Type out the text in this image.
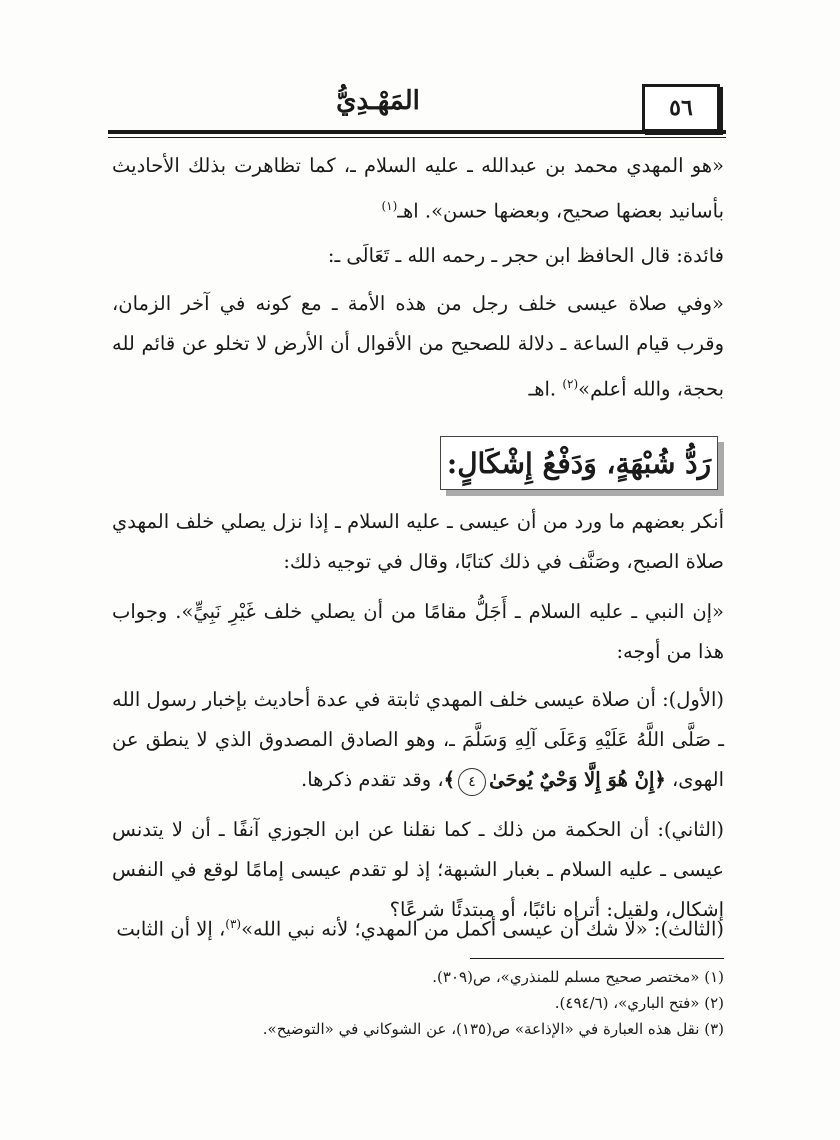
٥٦
المَهْـدِيُّ
«هو المهدي محمد بن عبدالله ـ عليه السلام ـ، كما تظاهرت بذلك الأحاديث بأسانيد بعضها صحيح، وبعضها حسن». اهـ$^{(١)}$
فائدة: قال الحافظ ابن حجر ـ رحمه الله ـ تَعَالَى ـ:
«وفي صلاة عيسى خلف رجل من هذه الأمة ـ مع كونه في آخر الزمان، وقرب قيام الساعة ـ دلالة للصحيح من الأقوال أن الأرض لا تخلو عن قائم لله بحجة، والله أعلم»$^{(٢)}$ .اهـ
رَدُّ شُبْهَةٍ، وَدَفْعُ إِشْكَالٍ:
أنكر بعضهم ما ورد من أن عيسى ـ عليه السلام ـ إذا نزل يصلي خلف المهدي صلاة الصبح، وصَنَّف في ذلك كتابًا، وقال في توجيه ذلك:
«إن النبي ـ عليه السلام ـ أَجَلُّ مقامًا من أن يصلي خلف غَيْرِ نَبِيٍّ». وجواب هذا من أوجه:
(الأول): أن صلاة عيسى خلف المهدي ثابتة في عدة أحاديث بإخبار رسول الله ـ صَلَّى اللَّهُ عَلَيْهِ وَعَلَى آلِهِ وَسَلَّمَ ـ، وهو الصادق المصدوق الذي لا ينطق عن الهوى، ﴿إِنْ هُوَ إِلَّا وَحْيٌ يُوحَىٰ٤﴾، وقد تقدم ذكرها.
(الثاني): أن الحكمة من ذلك ـ كما نقلنا عن ابن الجوزي آنفًا ـ أن لا يتدنس عيسى ـ عليه السلام ـ بغبار الشبهة؛ إذ لو تقدم عيسى إمامًا لوقع في النفس إشكال، ولقيل: أتراه نائبًا، أو مبتدئًا شرعًا؟
(الثالث): «لا شك أن عيسى أكمل من المهدي؛ لأنه نبي الله»$^{(٣)}$، إلا أن الثابت
(١) «مختصر صحيح مسلم للمنذري»، ص(٣٠٩).
(٢) «فتح الباري»، (٤٩٤/٦).
(٣) نقل هذه العبارة في «الإذاعة» ص(١٣٥)، عن الشوكاني في «التوضيح».
